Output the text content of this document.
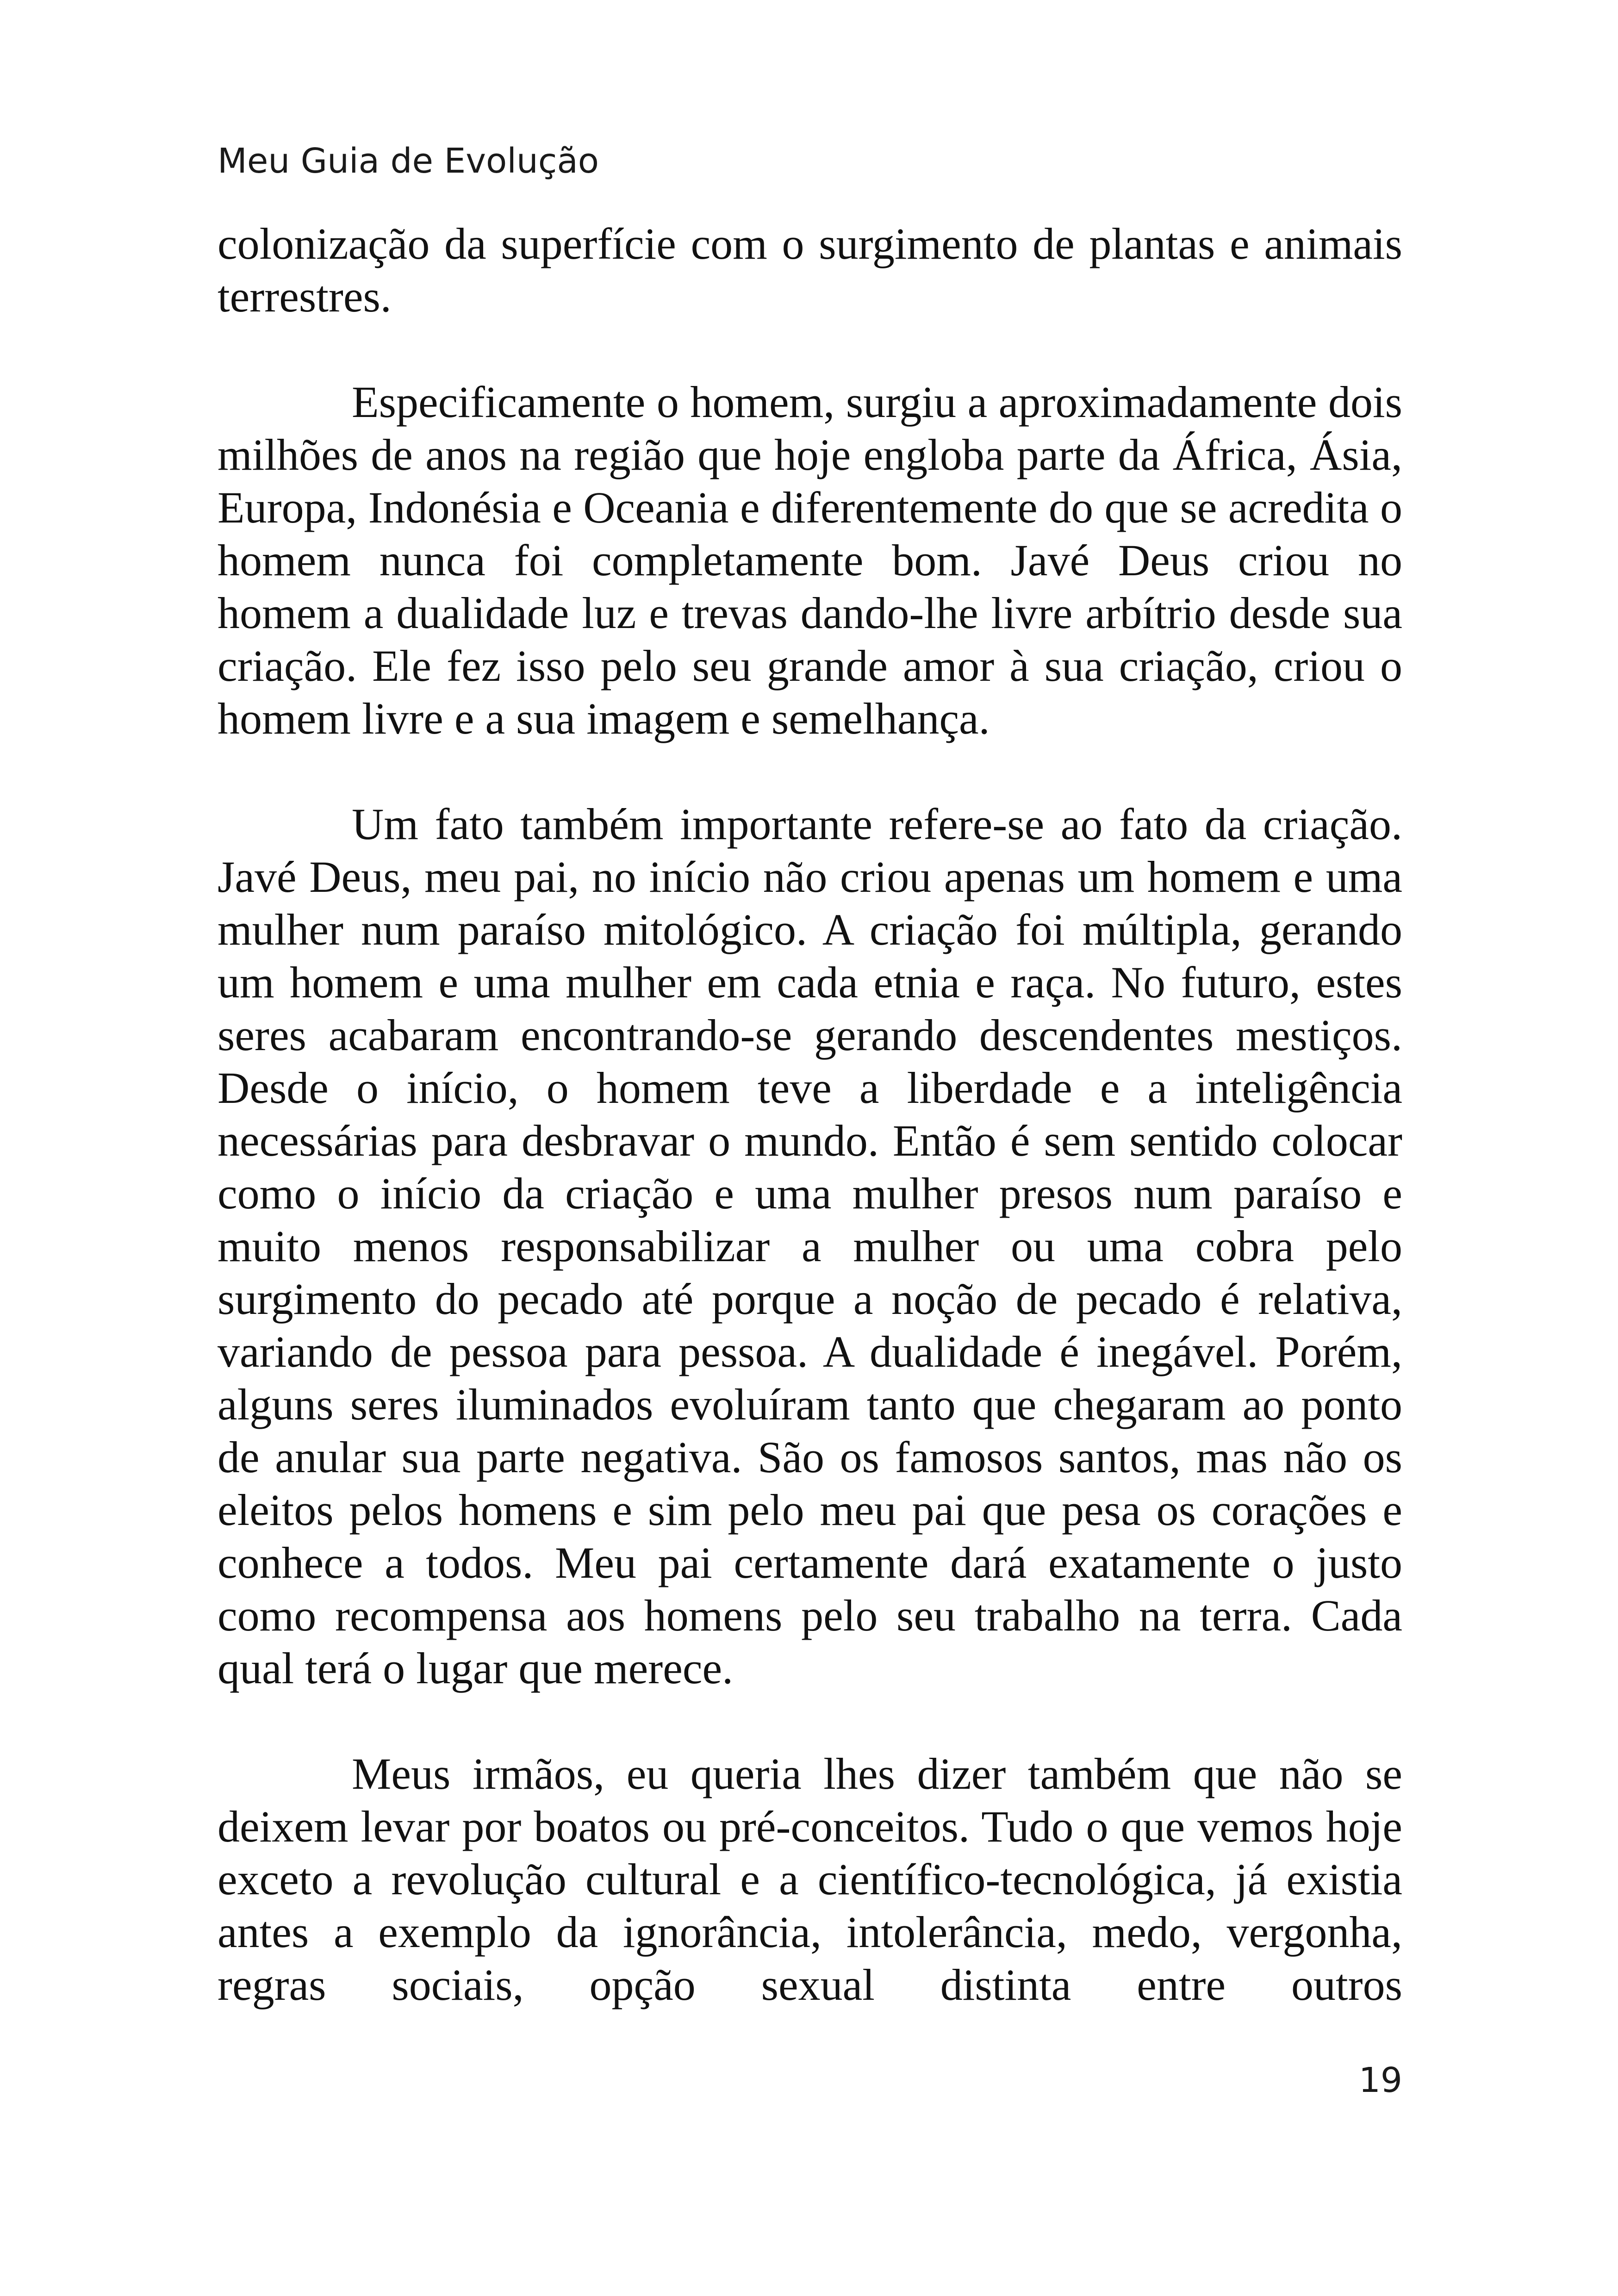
Meu Guia de Evolução

colonização da superfície com o surgimento de plantas e animais terrestres.

Especificamente o homem, surgiu a aproximadamente dois milhões de anos na região que hoje engloba parte da África, Ásia, Europa, Indonésia e Oceania e diferentemente do que se acredita o homem nunca foi completamente bom. Javé Deus criou no homem a dualidade luz e trevas dando-lhe livre arbítrio desde sua criação. Ele fez isso pelo seu grande amor à sua criação, criou o homem livre e a sua imagem e semelhança.

Um fato também importante refere-se ao fato da criação. Javé Deus, meu pai, no início não criou apenas um homem e uma mulher num paraíso mitológico. A criação foi múltipla, gerando um homem e uma mulher em cada etnia e raça. No futuro, estes seres acabaram encontrando-se gerando descendentes mestiços. Desde o início, o homem teve a liberdade e a inteligência necessárias para desbravar o mundo. Então é sem sentido colocar como o início da criação e uma mulher presos num paraíso e muito menos responsabilizar a mulher ou uma cobra pelo surgimento do pecado até porque a noção de pecado é relativa, variando de pessoa para pessoa. A dualidade é inegável. Porém, alguns seres iluminados evoluíram tanto que chegaram ao ponto de anular sua parte negativa. São os famosos santos, mas não os eleitos pelos homens e sim pelo meu pai que pesa os corações e conhece a todos. Meu pai certamente dará exatamente o justo como recompensa aos homens pelo seu trabalho na terra. Cada qual terá o lugar que merece.

Meus irmãos, eu queria lhes dizer também que não se deixem levar por boatos ou pré-conceitos. Tudo o que vemos hoje exceto a revolução cultural e a científico-tecnológica, já existia antes a exemplo da ignorância, intolerância, medo, vergonha, regras sociais, opção sexual distinta entre outros

19
